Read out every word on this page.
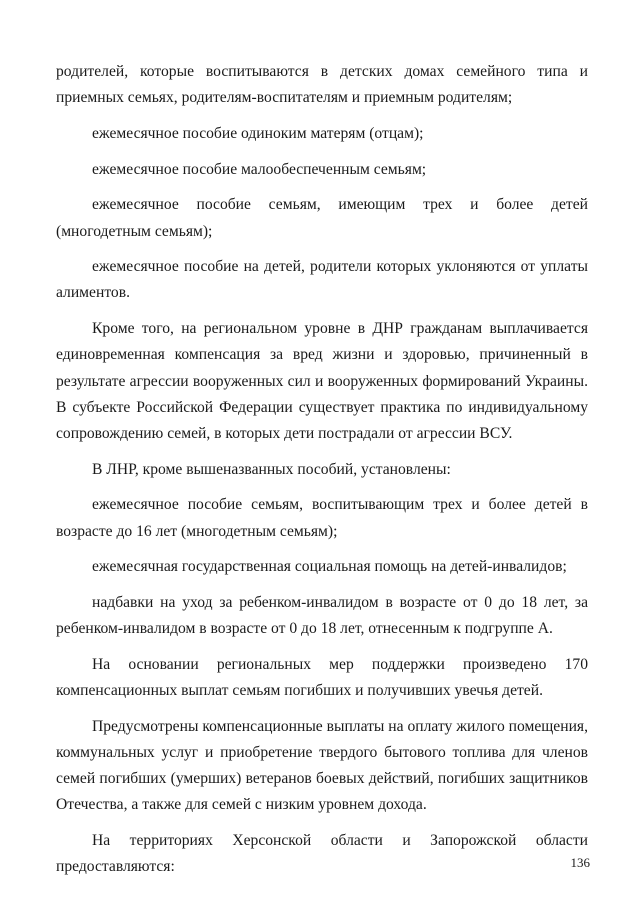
родителей, которые воспитываются в детских домах семейного типа и приемных семьях, родителям-воспитателям и приемным родителям;

ежемесячное пособие одиноким матерям (отцам);

ежемесячное пособие малообеспеченным семьям;

ежемесячное пособие семьям, имеющим трех и более детей (многодетным семьям);

ежемесячное пособие на детей, родители которых уклоняются от уплаты алиментов.

Кроме того, на региональном уровне в ДНР гражданам выплачивается единовременная компенсация за вред жизни и здоровью, причиненный в результате агрессии вооруженных сил и вооруженных формирований Украины. В субъекте Российской Федерации существует практика по индивидуальному сопровождению семей, в которых дети пострадали от агрессии ВСУ.

В ЛНР, кроме вышеназванных пособий, установлены:

ежемесячное пособие семьям, воспитывающим трех и более детей в возрасте до 16 лет (многодетным семьям);

ежемесячная государственная социальная помощь на детей-инвалидов;

надбавки на уход за ребенком-инвалидом в возрасте от 0 до 18 лет, за ребенком-инвалидом в возрасте от 0 до 18 лет, отнесенным к подгруппе А.

На основании региональных мер поддержки произведено 170 компенсационных выплат семьям погибших и получивших увечья детей.

Предусмотрены компенсационные выплаты на оплату жилого помещения, коммунальных услуг и приобретение твердого бытового топлива для членов семей погибших (умерших) ветеранов боевых действий, погибших защитников Отечества, а также для семей с низким уровнем дохода.

На территориях Херсонской области и Запорожской области предоставляются:	136
